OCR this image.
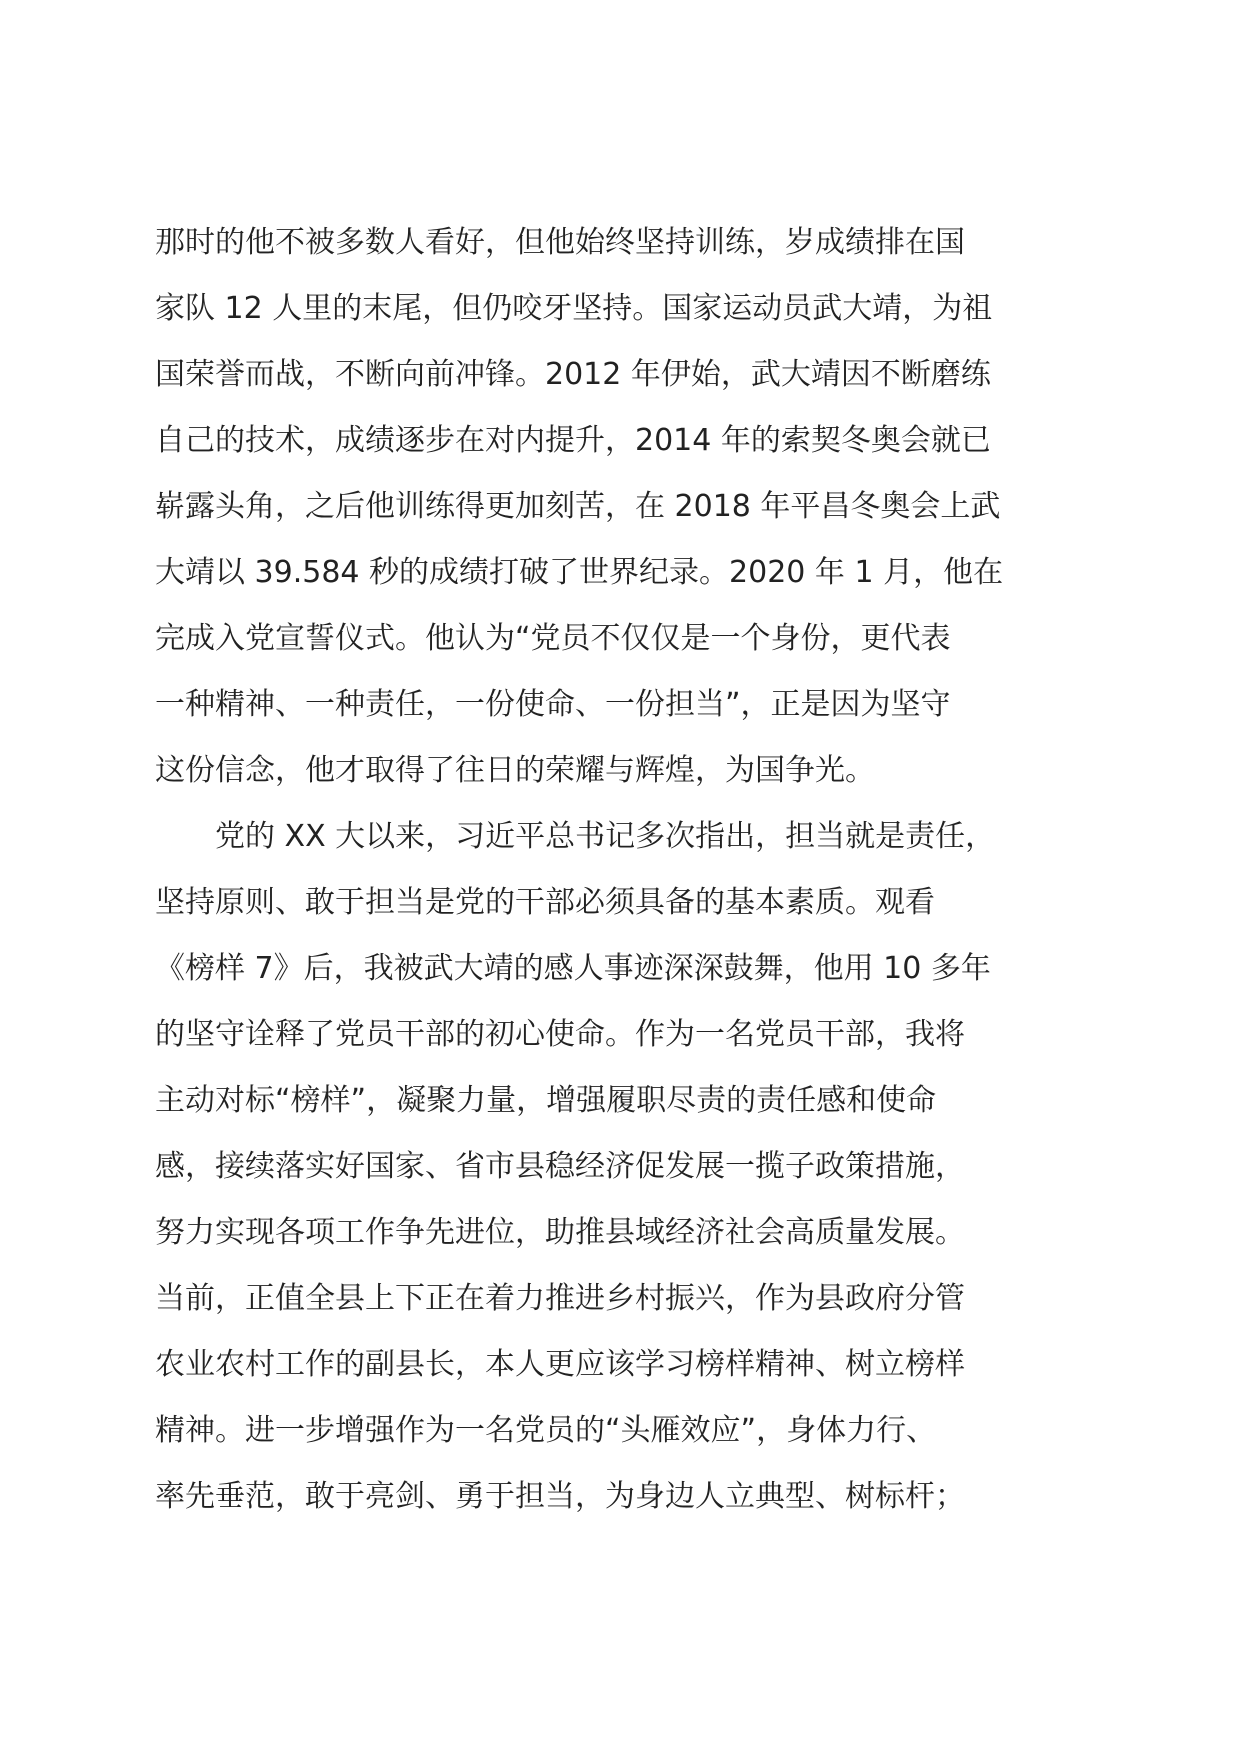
那时的他不被多数人看好，但他始终坚持训练，岁成绩排在国
家队 12 人里的末尾，但仍咬牙坚持。国家运动员武大靖，为祖
国荣誉而战，不断向前冲锋。2012 年伊始，武大靖因不断磨练
自己的技术，成绩逐步在对内提升，2014 年的索契冬奥会就已
崭露头角，之后他训练得更加刻苦，在 2018 年平昌冬奥会上武
大靖以 39.584 秒的成绩打破了世界纪录。2020 年 1 月，他在
完成入党宣誓仪式。他认为“党员不仅仅是一个身份，更代表
一种精神、一种责任，一份使命、一份担当”，正是因为坚守
这份信念，他才取得了往日的荣耀与辉煌，为国争光。
　　党的 XX 大以来，习近平总书记多次指出，担当就是责任，
坚持原则、敢于担当是党的干部必须具备的基本素质。观看
《榜样 7》后，我被武大靖的感人事迹深深鼓舞，他用 10 多年
的坚守诠释了党员干部的初心使命。作为一名党员干部，我将
主动对标“榜样”，凝聚力量，增强履职尽责的责任感和使命
感，接续落实好国家、省市县稳经济促发展一揽子政策措施，
努力实现各项工作争先进位，助推县域经济社会高质量发展。
当前，正值全县上下正在着力推进乡村振兴，作为县政府分管
农业农村工作的副县长，本人更应该学习榜样精神、树立榜样
精神。进一步增强作为一名党员的“头雁效应”，身体力行、
率先垂范，敢于亮剑、勇于担当，为身边人立典型、树标杆；
